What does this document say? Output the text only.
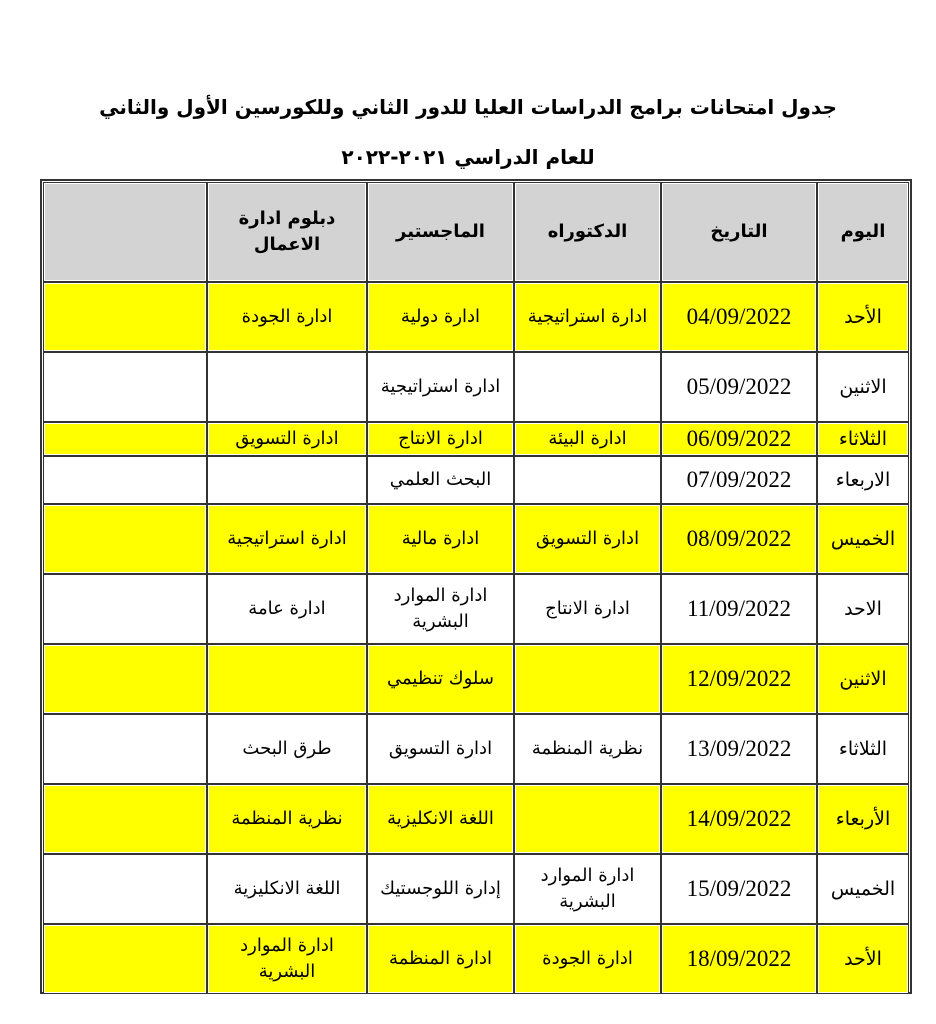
جدول امتحانات برامج الدراسات العليا للدور الثاني وللكورسين الأول والثاني
للعام الدراسي ٢٠٢١-٢٠٢٢
اليوم	التاريخ	الدكتوراه	الماجستير	دبلوم ادارة الاعمال	
الأحد	04/09/2022	ادارة استراتيجية	ادارة دولية	ادارة الجودة	
الاثنين	05/09/2022		ادارة استراتيجية		
الثلاثاء	06/09/2022	ادارة البيئة	ادارة الانتاج	ادارة التسويق	
الاربعاء	07/09/2022		البحث العلمي		
الخميس	08/09/2022	ادارة التسويق	ادارة مالية	ادارة استراتيجية	
الاحد	11/09/2022	ادارة الانتاج	ادارة الموارد البشرية	ادارة عامة	
الاثنين	12/09/2022		سلوك تنظيمي		
الثلاثاء	13/09/2022	نظرية المنظمة	ادارة التسويق	طرق البحث	
الأربعاء	14/09/2022		اللغة الانكليزية	نظرية المنظمة	
الخميس	15/09/2022	ادارة الموارد البشرية	إدارة اللوجستيك	اللغة الانكليزية	
الأحد	18/09/2022	ادارة الجودة	ادارة المنظمة	ادارة الموارد البشرية	
